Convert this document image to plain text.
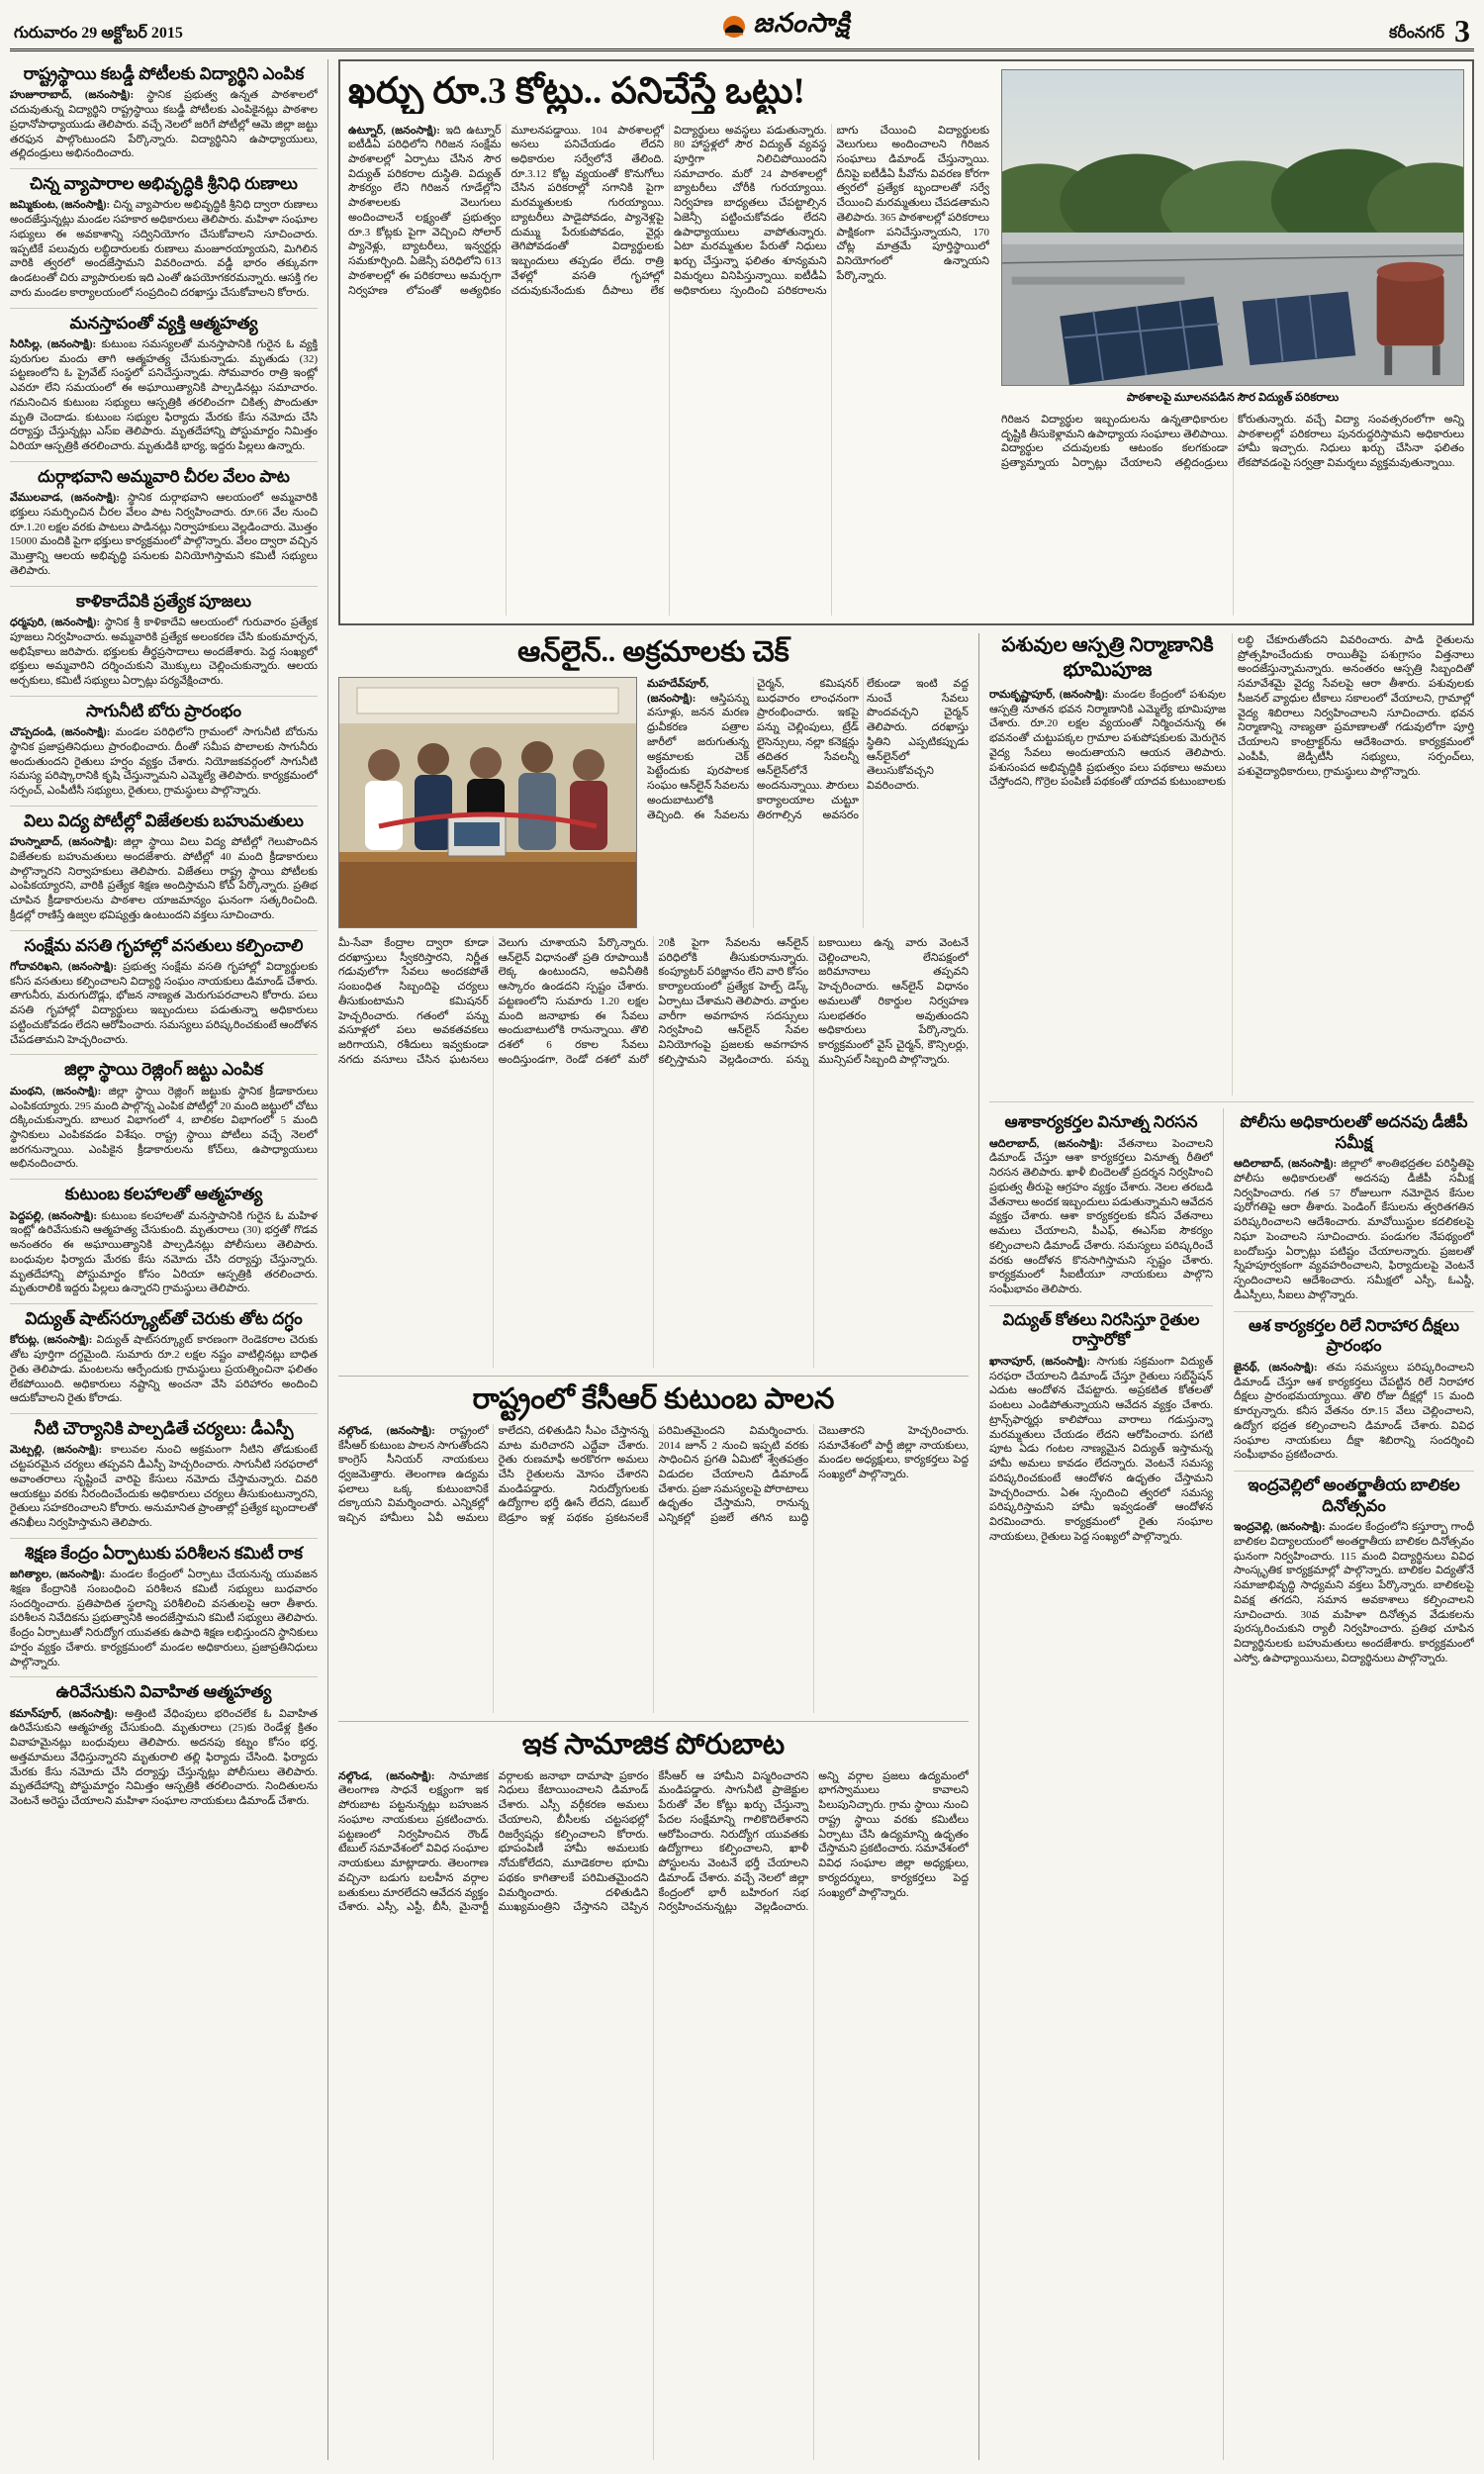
గురువారం 29 అక్టోబర్ 2015	జనంసాక్షి	కరీంనగర్ 3
రాష్ట్రస్థాయి కబడ్డీ పోటీలకు విద్యార్థిని ఎంపిక

హుజూరాబాద్, (జనంసాక్షి): స్థానిక ప్రభుత్వ ఉన్నత పాఠశాలలో చదువుతున్న విద్యార్థిని రాష్ట్రస్థాయి కబడ్డీ పోటీలకు ఎంపికైనట్లు పాఠశాల ప్రధానోపాధ్యాయుడు తెలిపారు. వచ్చే నెలలో జరిగే పోటీల్లో ఆమె జిల్లా జట్టు తరఫున పాల్గొంటుందని పేర్కొన్నారు. విద్యార్థినిని ఉపాధ్యాయులు, తల్లిదండ్రులు అభినందించారు.

చిన్న వ్యాపారాల అభివృద్ధికి శ్రీనిధి రుణాలు

జమ్మికుంట, (జనంసాక్షి): చిన్న వ్యాపారుల అభివృద్ధికి శ్రీనిధి ద్వారా రుణాలు అందజేస్తున్నట్లు మండల సహకార అధికారులు తెలిపారు. మహిళా సంఘాల సభ్యులు ఈ అవకాశాన్ని సద్వినియోగం చేసుకోవాలని సూచించారు. ఇప్పటికే పలువురు లబ్ధిదారులకు రుణాలు మంజూరయ్యాయని, మిగిలిన వారికి త్వరలో అందజేస్తామని వివరించారు. వడ్డీ భారం తక్కువగా ఉండటంతో చిరు వ్యాపారులకు ఇది ఎంతో ఉపయోగకరమన్నారు. ఆసక్తి గల వారు మండల కార్యాలయంలో సంప్రదించి దరఖాస్తు చేసుకోవాలని కోరారు.

మనస్తాపంతో వ్యక్తి ఆత్మహత్య

సిరిసిల్ల, (జనంసాక్షి): కుటుంబ సమస్యలతో మనస్తాపానికి గురైన ఓ వ్యక్తి పురుగుల మందు తాగి ఆత్మహత్య చేసుకున్నాడు. మృతుడు (32) పట్టణంలోని ఓ ప్రైవేట్ సంస్థలో పనిచేస్తున్నాడు. సోమవారం రాత్రి ఇంట్లో ఎవరూ లేని సమయంలో ఈ అఘాయిత్యానికి పాల్పడినట్లు సమాచారం. గమనించిన కుటుంబ సభ్యులు ఆస్పత్రికి తరలించగా చికిత్స పొందుతూ మృతి చెందాడు. కుటుంబ సభ్యుల ఫిర్యాదు మేరకు కేసు నమోదు చేసి దర్యాప్తు చేస్తున్నట్లు ఎస్ఐ తెలిపారు. మృతదేహాన్ని పోస్టుమార్టం నిమిత్తం ఏరియా ఆస్పత్రికి తరలించారు. మృతుడికి భార్య, ఇద్దరు పిల్లలు ఉన్నారు.

దుర్గాభవాని అమ్మవారి చీరల వేలం పాట

వేములవాడ, (జనంసాక్షి): స్థానిక దుర్గాభవాని ఆలయంలో అమ్మవారికి భక్తులు సమర్పించిన చీరల వేలం పాట నిర్వహించారు. రూ.66 వేల నుంచి రూ.1.20 లక్షల వరకు పాటలు పాడినట్లు నిర్వాహకులు వెల్లడించారు. మొత్తం 15000 మందికి పైగా భక్తులు కార్యక్రమంలో పాల్గొన్నారు. వేలం ద్వారా వచ్చిన మొత్తాన్ని ఆలయ అభివృద్ధి పనులకు వినియోగిస్తామని కమిటీ సభ్యులు తెలిపారు.

కాళికాదేవికి ప్రత్యేక పూజలు

ధర్మపురి, (జనంసాక్షి): స్థానిక శ్రీ కాళికాదేవి ఆలయంలో గురువారం ప్రత్యేక పూజలు నిర్వహించారు. అమ్మవారికి ప్రత్యేక అలంకరణ చేసి కుంకుమార్చన, అభిషేకాలు జరిపారు. భక్తులకు తీర్థప్రసాదాలు అందజేశారు. పెద్ద సంఖ్యలో భక్తులు అమ్మవారిని దర్శించుకుని మొక్కులు చెల్లించుకున్నారు. ఆలయ అర్చకులు, కమిటీ సభ్యులు ఏర్పాట్లు పర్యవేక్షించారు.

సాగునీటి బోరు ప్రారంభం

చొప్పదండి, (జనంసాక్షి): మండల పరిధిలోని గ్రామంలో సాగునీటి బోరును స్థానిక ప్రజాప్రతినిధులు ప్రారంభించారు. దీంతో సమీప పొలాలకు సాగునీరు అందుతుందని రైతులు హర్షం వ్యక్తం చేశారు. నియోజకవర్గంలో సాగునీటి సమస్య పరిష్కారానికి కృషి చేస్తున్నామని ఎమ్మెల్యే తెలిపారు. కార్యక్రమంలో సర్పంచ్, ఎంపీటీసీ సభ్యులు, రైతులు, గ్రామస్థులు పాల్గొన్నారు.

విలు విద్య పోటీల్లో విజేతలకు బహుమతులు

హుస్నాబాద్, (జనంసాక్షి): జిల్లా స్థాయి విలు విద్య పోటీల్లో గెలుపొందిన విజేతలకు బహుమతులు అందజేశారు. పోటీల్లో 40 మంది క్రీడాకారులు పాల్గొన్నారని నిర్వాహకులు తెలిపారు. విజేతలు రాష్ట్ర స్థాయి పోటీలకు ఎంపికయ్యారని, వారికి ప్రత్యేక శిక్షణ అందిస్తామని కోచ్ పేర్కొన్నారు. ప్రతిభ చూపిన క్రీడాకారులను పాఠశాల యాజమాన్యం ఘనంగా సత్కరించింది. క్రీడల్లో రాణిస్తే ఉజ్వల భవిష్యత్తు ఉంటుందని వక్తలు సూచించారు.

సంక్షేమ వసతి గృహాల్లో వసతులు కల్పించాలి

గోదావరిఖని, (జనంసాక్షి): ప్రభుత్వ సంక్షేమ వసతి గృహాల్లో విద్యార్థులకు కనీస వసతులు కల్పించాలని విద్యార్థి సంఘం నాయకులు డిమాండ్ చేశారు. తాగునీరు, మరుగుదొడ్లు, భోజన నాణ్యత మెరుగుపరచాలని కోరారు. పలు వసతి గృహాల్లో విద్యార్థులు ఇబ్బందులు పడుతున్నా అధికారులు పట్టించుకోవడం లేదని ఆరోపించారు. సమస్యలు పరిష్కరించకుంటే ఆందోళన చేపడతామని హెచ్చరించారు.

జిల్లా స్థాయి రెజ్లింగ్ జట్టు ఎంపిక

మంథని, (జనంసాక్షి): జిల్లా స్థాయి రెజ్లింగ్ జట్టుకు స్థానిక క్రీడాకారులు ఎంపికయ్యారు. 295 మంది పాల్గొన్న ఎంపిక పోటీల్లో 20 మంది జట్టులో చోటు దక్కించుకున్నారు. బాలుర విభాగంలో 4, బాలికల విభాగంలో 5 మంది స్థానికులు ఎంపికవడం విశేషం. రాష్ట్ర స్థాయి పోటీలు వచ్చే నెలలో జరగనున్నాయి. ఎంపికైన క్రీడాకారులను కోచ్‌లు, ఉపాధ్యాయులు అభినందించారు.

కుటుంబ కలహాలతో ఆత్మహత్య

పెద్దపల్లి, (జనంసాక్షి): కుటుంబ కలహాలతో మనస్తాపానికి గురైన ఓ మహిళ ఇంట్లో ఉరివేసుకుని ఆత్మహత్య చేసుకుంది. మృతురాలు (30) భర్తతో గొడవ అనంతరం ఈ అఘాయిత్యానికి పాల్పడినట్లు పోలీసులు తెలిపారు. బంధువుల ఫిర్యాదు మేరకు కేసు నమోదు చేసి దర్యాప్తు చేస్తున్నారు. మృతదేహాన్ని పోస్టుమార్టం కోసం ఏరియా ఆస్పత్రికి తరలించారు. మృతురాలికి ఇద్దరు పిల్లలు ఉన్నారని గ్రామస్థులు తెలిపారు.

విద్యుత్ షాట్‌సర్క్యూట్‌తో చెరుకు తోట దగ్ధం

కోరుట్ల, (జనంసాక్షి): విద్యుత్ షాట్‌సర్క్యూట్ కారణంగా రెండెకరాల చెరుకు తోట పూర్తిగా దగ్ధమైంది. సుమారు రూ.2 లక్షల నష్టం వాటిల్లినట్లు బాధిత రైతు తెలిపాడు. మంటలను ఆర్పేందుకు గ్రామస్థులు ప్రయత్నించినా ఫలితం లేకపోయింది. అధికారులు నష్టాన్ని అంచనా వేసి పరిహారం అందించి ఆదుకోవాలని రైతు కోరాడు.

నీటి చౌర్యానికి పాల్పడితే చర్యలు: డీఎస్పీ

మెట్పల్లి, (జనంసాక్షి): కాలువల నుంచి అక్రమంగా నీటిని తోడుకుంటే చట్టపరమైన చర్యలు తప్పవని డీఎస్పీ హెచ్చరించారు. సాగునీటి సరఫరాలో అవాంతరాలు సృష్టించే వారిపై కేసులు నమోదు చేస్తామన్నారు. చివరి ఆయకట్టు వరకు నీరందించేందుకు అధికారులు చర్యలు తీసుకుంటున్నారని, రైతులు సహకరించాలని కోరారు. అనుమానిత ప్రాంతాల్లో ప్రత్యేక బృందాలతో తనిఖీలు నిర్వహిస్తామని తెలిపారు.

శిక్షణ కేంద్రం ఏర్పాటుకు పరిశీలన కమిటీ రాక

జగిత్యాల, (జనంసాక్షి): మండల కేంద్రంలో ఏర్పాటు చేయనున్న యువజన శిక్షణ కేంద్రానికి సంబంధించి పరిశీలన కమిటీ సభ్యులు బుధవారం సందర్శించారు. ప్రతిపాదిత స్థలాన్ని పరిశీలించి వసతులపై ఆరా తీశారు. పరిశీలన నివేదికను ప్రభుత్వానికి అందజేస్తామని కమిటీ సభ్యులు తెలిపారు. కేంద్రం ఏర్పాటుతో నిరుద్యోగ యువతకు ఉపాధి శిక్షణ లభిస్తుందని స్థానికులు హర్షం వ్యక్తం చేశారు. కార్యక్రమంలో మండల అధికారులు, ప్రజాప్రతినిధులు పాల్గొన్నారు.

ఉరివేసుకుని వివాహిత ఆత్మహత్య

కమాన్‌పూర్, (జనంసాక్షి): అత్తింటి వేధింపులు భరించలేక ఓ వివాహిత ఉరివేసుకుని ఆత్మహత్య చేసుకుంది. మృతురాలు (25)కు రెండేళ్ల క్రితం వివాహమైనట్లు బంధువులు తెలిపారు. అదనపు కట్నం కోసం భర్త, అత్తమామలు వేధిస్తున్నారని మృతురాలి తల్లి ఫిర్యాదు చేసింది. ఫిర్యాదు మేరకు కేసు నమోదు చేసి దర్యాప్తు చేస్తున్నట్లు పోలీసులు తెలిపారు. మృతదేహాన్ని పోస్టుమార్టం నిమిత్తం ఆస్పత్రికి తరలించారు. నిందితులను వెంటనే అరెస్టు చేయాలని మహిళా సంఘాల నాయకులు డిమాండ్ చేశారు.

ఖర్చు రూ.3 కోట్లు.. పనిచేస్తే ఒట్టు!
ఉట్నూర్, (జనంసాక్షి): ఇది ఉట్నూర్ ఐటీడీఏ పరిధిలోని గిరిజన సంక్షేమ పాఠశాలల్లో ఏర్పాటు చేసిన సౌర విద్యుత్ పరికరాల దుస్థితి. విద్యుత్ సౌకర్యం లేని గిరిజన గూడేల్లోని పాఠశాలలకు వెలుగులు అందించాలనే లక్ష్యంతో ప్రభుత్వం రూ.3 కోట్లకు పైగా వెచ్చించి సోలార్ ప్యానెళ్లు, బ్యాటరీలు, ఇన్వర్టర్లు సమకూర్చింది. ఏజెన్సీ పరిధిలోని 613 పాఠశాలల్లో ఈ పరికరాలు అమర్చగా నిర్వహణ లోపంతో అత్యధికం మూలనపడ్డాయి. 104 పాఠశాలల్లో అసలు పనిచేయడం లేదని అధికారుల సర్వేలోనే తేలింది. రూ.3.12 కోట్ల వ్యయంతో కొనుగోలు చేసిన పరికరాల్లో సగానికి పైగా మరమ్మతులకు గురయ్యాయి. బ్యాటరీలు పాడైపోవడం, ప్యానెళ్లపై దుమ్ము పేరుకుపోవడం, వైర్లు తెగిపోవడంతో విద్యార్థులకు ఇబ్బందులు తప్పడం లేదు. రాత్రి వేళల్లో వసతి గృహాల్లో చదువుకునేందుకు దీపాలు లేక విద్యార్థులు అవస్థలు పడుతున్నారు. 80 హాస్టళ్లలో సౌర విద్యుత్ వ్యవస్థ పూర్తిగా నిలిచిపోయిందని సమాచారం. మరో 24 పాఠశాలల్లో బ్యాటరీలు చోరీకి గురయ్యాయి. నిర్వహణ బాధ్యతలు చేపట్టాల్సిన ఏజెన్సీ పట్టించుకోవడం లేదని ఉపాధ్యాయులు వాపోతున్నారు. ఏటా మరమ్మతుల పేరుతో నిధులు ఖర్చు చేస్తున్నా ఫలితం శూన్యమని విమర్శలు వినిపిస్తున్నాయి. ఐటీడీఏ అధికారులు స్పందించి పరికరాలను బాగు చేయించి విద్యార్థులకు వెలుగులు అందించాలని గిరిజన సంఘాలు డిమాండ్ చేస్తున్నాయి. దీనిపై ఐటీడీఏ పీవోను వివరణ కోరగా త్వరలో ప్రత్యేక బృందాలతో సర్వే చేయించి మరమ్మతులు చేపడతామని తెలిపారు. 365 పాఠశాలల్లో పరికరాలు పాక్షికంగా పనిచేస్తున్నాయని, 170 చోట్ల మాత్రమే పూర్తిస్థాయిలో వినియోగంలో ఉన్నాయని పేర్కొన్నారు.
పాఠశాలపై మూలనపడిన సౌర విద్యుత్ పరికరాలు
గిరిజన విద్యార్థుల ఇబ్బందులను ఉన్నతాధికారుల దృష్టికి తీసుకెళ్లామని ఉపాధ్యాయ సంఘాలు తెలిపాయి. విద్యార్థుల చదువులకు ఆటంకం కలగకుండా ప్రత్యామ్నాయ ఏర్పాట్లు చేయాలని తల్లిదండ్రులు కోరుతున్నారు. వచ్చే విద్యా సంవత్సరంలోగా అన్ని పాఠశాలల్లో పరికరాలు పునరుద్ధరిస్తామని అధికారులు హామీ ఇచ్చారు. నిధులు ఖర్చు చేసినా ఫలితం లేకపోవడంపై సర్వత్రా విమర్శలు వ్యక్తమవుతున్నాయి.
ఆన్‌లైన్.. అక్రమాలకు చెక్
మహదేవ్‌పూర్, (జనంసాక్షి): ఆస్తిపన్ను వసూళ్లు, జనన మరణ ధ్రువీకరణ పత్రాల జారీలో జరుగుతున్న అక్రమాలకు చెక్ పెట్టేందుకు పురపాలక సంఘం ఆన్‌లైన్ సేవలను అందుబాటులోకి తెచ్చింది. ఈ సేవలను చైర్మన్, కమిషనర్ బుధవారం లాంఛనంగా ప్రారంభించారు. ఇకపై పన్ను చెల్లింపులు, ట్రేడ్ లైసెన్సులు, నల్లా కనెక్షన్లు తదితర సేవలన్నీ ఆన్‌లైన్‌లోనే అందనున్నాయి. పౌరులు కార్యాలయాల చుట్టూ తిరగాల్సిన అవసరం లేకుండా ఇంటి వద్ద నుంచే సేవలు పొందవచ్చని చైర్మన్ తెలిపారు. దరఖాస్తు స్థితిని ఎప్పటికప్పుడు ఆన్‌లైన్‌లో తెలుసుకోవచ్చని వివరించారు.
మీ-సేవా కేంద్రాల ద్వారా కూడా దరఖాస్తులు స్వీకరిస్తారని, నిర్ణీత గడువులోగా సేవలు అందకపోతే సంబంధిత సిబ్బందిపై చర్యలు తీసుకుంటామని కమిషనర్ హెచ్చరించారు. గతంలో పన్ను వసూళ్లలో పలు అవకతవకలు జరిగాయని, రశీదులు ఇవ్వకుండా నగదు వసూలు చేసిన ఘటనలు వెలుగు చూశాయని పేర్కొన్నారు. ఆన్‌లైన్ విధానంతో ప్రతి రూపాయికీ లెక్క ఉంటుందని, అవినీతికి ఆస్కారం ఉండదని స్పష్టం చేశారు. పట్టణంలోని సుమారు 1.20 లక్షల మంది జనాభాకు ఈ సేవలు అందుబాటులోకి రానున్నాయి. తొలి దశలో 6 రకాల సేవలు అందిస్తుండగా, రెండో దశలో మరో 20కి పైగా సేవలను ఆన్‌లైన్ పరిధిలోకి తీసుకురానున్నారు. కంప్యూటర్ పరిజ్ఞానం లేని వారి కోసం కార్యాలయంలో ప్రత్యేక హెల్ప్ డెస్క్ ఏర్పాటు చేశామని తెలిపారు. వార్డుల వారీగా అవగాహన సదస్సులు నిర్వహించి ఆన్‌లైన్ సేవల వినియోగంపై ప్రజలకు అవగాహన కల్పిస్తామని వెల్లడించారు. పన్ను బకాయిలు ఉన్న వారు వెంటనే చెల్లించాలని, లేనిపక్షంలో జరిమానాలు తప్పవని హెచ్చరించారు. ఆన్‌లైన్ విధానం అమలుతో రికార్డుల నిర్వహణ సులభతరం అవుతుందని అధికారులు పేర్కొన్నారు. కార్యక్రమంలో వైస్ చైర్మన్, కౌన్సిలర్లు, మున్సిపల్ సిబ్బంది పాల్గొన్నారు.
రాష్ట్రంలో కేసీఆర్ కుటుంబ పాలన
నల్గొండ, (జనంసాక్షి): రాష్ట్రంలో కేసీఆర్ కుటుంబ పాలన సాగుతోందని కాంగ్రెస్ సీనియర్ నాయకులు ధ్వజమెత్తారు. తెలంగాణ ఉద్యమ ఫలాలు ఒక్క కుటుంబానికే దక్కాయని విమర్శించారు. ఎన్నికల్లో ఇచ్చిన హామీలు ఏవీ అమలు కాలేదని, దళితుడిని సీఎం చేస్తానన్న మాట మరిచారని ఎద్దేవా చేశారు. రైతు రుణమాఫీ అరకొరగా అమలు చేసి రైతులను మోసం చేశారని మండిపడ్డారు. నిరుద్యోగులకు ఉద్యోగాల భర్తీ ఊసే లేదని, డబుల్ బెడ్రూం ఇళ్ల పథకం ప్రకటనలకే పరిమితమైందని విమర్శించారు. 2014 జూన్ 2 నుంచి ఇప్పటి వరకు సాధించిన ప్రగతి ఏమిటో శ్వేతపత్రం విడుదల చేయాలని డిమాండ్ చేశారు. ప్రజా సమస్యలపై పోరాటాలు ఉధృతం చేస్తామని, రానున్న ఎన్నికల్లో ప్రజలే తగిన బుద్ధి చెబుతారని హెచ్చరించారు. సమావేశంలో పార్టీ జిల్లా నాయకులు, మండల అధ్యక్షులు, కార్యకర్తలు పెద్ద సంఖ్యలో పాల్గొన్నారు.
ఇక సామాజిక పోరుబాట
నల్గొండ, (జనంసాక్షి): సామాజిక తెలంగాణ సాధనే లక్ష్యంగా ఇక పోరుబాట పట్టనున్నట్లు బహుజన సంఘాల నాయకులు ప్రకటించారు. పట్టణంలో నిర్వహించిన రౌండ్ టేబుల్ సమావేశంలో వివిధ సంఘాల నాయకులు మాట్లాడారు. తెలంగాణ వచ్చినా బడుగు బలహీన వర్గాల బతుకులు మారలేదని ఆవేదన వ్యక్తం చేశారు. ఎస్సీ, ఎస్టీ, బీసీ, మైనార్టీ వర్గాలకు జనాభా దామాషా ప్రకారం నిధులు కేటాయించాలని డిమాండ్ చేశారు. ఎస్సీ వర్గీకరణ అమలు చేయాలని, బీసీలకు చట్టసభల్లో రిజర్వేషన్లు కల్పించాలని కోరారు. భూపంపిణీ హామీ అమలుకు నోచుకోలేదని, మూడెకరాల భూమి పథకం కాగితాలకే పరిమితమైందని విమర్శించారు. దళితుడిని ముఖ్యమంత్రిని చేస్తానని చెప్పిన కేసీఆర్ ఆ హామీని విస్మరించారని మండిపడ్డారు. సాగునీటి ప్రాజెక్టుల పేరుతో వేల కోట్లు ఖర్చు చేస్తున్నా పేదల సంక్షేమాన్ని గాలికొదిలేశారని ఆరోపించారు. నిరుద్యోగ యువతకు ఉద్యోగాలు కల్పించాలని, ఖాళీ పోస్టులను వెంటనే భర్తీ చేయాలని డిమాండ్ చేశారు. వచ్చే నెలలో జిల్లా కేంద్రంలో భారీ బహిరంగ సభ నిర్వహించనున్నట్లు వెల్లడించారు. అన్ని వర్గాల ప్రజలు ఉద్యమంలో భాగస్వాములు కావాలని పిలుపునిచ్చారు. గ్రామ స్థాయి నుంచి రాష్ట్ర స్థాయి వరకు కమిటీలు ఏర్పాటు చేసి ఉద్యమాన్ని ఉధృతం చేస్తామని ప్రకటించారు. సమావేశంలో వివిధ సంఘాల జిల్లా అధ్యక్షులు, కార్యదర్శులు, కార్యకర్తలు పెద్ద సంఖ్యలో పాల్గొన్నారు.
పశువుల ఆస్పత్రి నిర్మాణానికి భూమిపూజ
రామకృష్ణాపూర్, (జనంసాక్షి): మండల కేంద్రంలో పశువుల ఆస్పత్రి నూతన భవన నిర్మాణానికి ఎమ్మెల్యే భూమిపూజ చేశారు. రూ.20 లక్షల వ్యయంతో నిర్మించనున్న ఈ భవనంతో చుట్టుపక్కల గ్రామాల పశుపోషకులకు మెరుగైన వైద్య సేవలు అందుతాయని ఆయన తెలిపారు. పశుసంపద అభివృద్ధికి ప్రభుత్వం పలు పథకాలు అమలు చేస్తోందని, గొర్రెల పంపిణీ పథకంతో యాదవ కుటుంబాలకు లబ్ధి చేకూరుతోందని వివరించారు. పాడి రైతులను ప్రోత్సహించేందుకు రాయితీపై పశుగ్రాసం విత్తనాలు అందజేస్తున్నామన్నారు. అనంతరం ఆస్పత్రి సిబ్బందితో సమావేశమై వైద్య సేవలపై ఆరా తీశారు. పశువులకు సీజనల్ వ్యాధుల టీకాలు సకాలంలో వేయాలని, గ్రామాల్లో వైద్య శిబిరాలు నిర్వహించాలని సూచించారు. భవన నిర్మాణాన్ని నాణ్యతా ప్రమాణాలతో గడువులోగా పూర్తి చేయాలని కాంట్రాక్టర్‌ను ఆదేశించారు. కార్యక్రమంలో ఎంపీపీ, జెడ్పీటీసీ సభ్యులు, సర్పంచ్‌లు, పశువైద్యాధికారులు, గ్రామస్థులు పాల్గొన్నారు.
ఆశాకార్యకర్తల వినూత్న నిరసన

ఆదిలాబాద్, (జనంసాక్షి): వేతనాలు పెంచాలని డిమాండ్ చేస్తూ ఆశా కార్యకర్తలు వినూత్న రీతిలో నిరసన తెలిపారు. ఖాళీ బిందెలతో ప్రదర్శన నిర్వహించి ప్రభుత్వ తీరుపై ఆగ్రహం వ్యక్తం చేశారు. నెలల తరబడి వేతనాలు అందక ఇబ్బందులు పడుతున్నామని ఆవేదన వ్యక్తం చేశారు. ఆశా కార్యకర్తలకు కనీస వేతనాలు అమలు చేయాలని, పీఎఫ్, ఈఎస్ఐ సౌకర్యం కల్పించాలని డిమాండ్ చేశారు. సమస్యలు పరిష్కరించే వరకు ఆందోళన కొనసాగిస్తామని స్పష్టం చేశారు. కార్యక్రమంలో సీఐటీయూ నాయకులు పాల్గొని సంఘీభావం తెలిపారు.

విద్యుత్ కోతలు నిరసిస్తూ రైతుల రాస్తారోకో

ఖానాపూర్, (జనంసాక్షి): సాగుకు సక్రమంగా విద్యుత్ సరఫరా చేయాలని డిమాండ్ చేస్తూ రైతులు సబ్‌స్టేషన్ ఎదుట ఆందోళన చేపట్టారు. అప్రకటిత కోతలతో పంటలు ఎండిపోతున్నాయని ఆవేదన వ్యక్తం చేశారు. ట్రాన్స్‌ఫార్మర్లు కాలిపోయి వారాలు గడుస్తున్నా మరమ్మతులు చేయడం లేదని ఆరోపించారు. పగటి పూట ఏడు గంటల నాణ్యమైన విద్యుత్ ఇస్తామన్న హామీ అమలు కావడం లేదన్నారు. వెంటనే సమస్య పరిష్కరించకుంటే ఆందోళన ఉధృతం చేస్తామని హెచ్చరించారు. ఏఈ స్పందించి త్వరలో సమస్య పరిష్కరిస్తామని హామీ ఇవ్వడంతో ఆందోళన విరమించారు. కార్యక్రమంలో రైతు సంఘాల నాయకులు, రైతులు పెద్ద సంఖ్యలో పాల్గొన్నారు.

పోలీసు అధికారులతో అదనపు డీజీపీ సమీక్ష

ఆదిలాబాద్, (జనంసాక్షి): జిల్లాలో శాంతిభద్రతల పరిస్థితిపై పోలీసు అధికారులతో అదనపు డీజీపీ సమీక్ష నిర్వహించారు. గత 57 రోజులుగా నమోదైన కేసుల పురోగతిపై ఆరా తీశారు. పెండింగ్ కేసులను త్వరితగతిన పరిష్కరించాలని ఆదేశించారు. మావోయిస్టుల కదలికలపై నిఘా పెంచాలని సూచించారు. పండుగల నేపథ్యంలో బందోబస్తు ఏర్పాట్లు పటిష్టం చేయాలన్నారు. ప్రజలతో స్నేహపూర్వకంగా వ్యవహరించాలని, ఫిర్యాదులపై వెంటనే స్పందించాలని ఆదేశించారు. సమీక్షలో ఎస్పీ, ఓఎస్డీ, డీఎస్పీలు, సీఐలు పాల్గొన్నారు.

ఆశ కార్యకర్తల రిలే నిరాహార దీక్షలు ప్రారంభం

జైనథ్, (జనంసాక్షి): తమ సమస్యలు పరిష్కరించాలని డిమాండ్ చేస్తూ ఆశ కార్యకర్తలు చేపట్టిన రిలే నిరాహార దీక్షలు ప్రారంభమయ్యాయి. తొలి రోజు దీక్షల్లో 15 మంది కూర్చున్నారు. కనీస వేతనం రూ.15 వేలు చెల్లించాలని, ఉద్యోగ భద్రత కల్పించాలని డిమాండ్ చేశారు. వివిధ సంఘాల నాయకులు దీక్షా శిబిరాన్ని సందర్శించి సంఘీభావం ప్రకటించారు.

ఇంద్రవెల్లిలో అంతర్జాతీయ బాలికల దినోత్సవం

ఇంద్రవెల్లి, (జనంసాక్షి): మండల కేంద్రంలోని కస్తూర్బా గాంధీ బాలికల విద్యాలయంలో అంతర్జాతీయ బాలికల దినోత్సవం ఘనంగా నిర్వహించారు. 115 మంది విద్యార్థినులు వివిధ సాంస్కృతిక కార్యక్రమాల్లో పాల్గొన్నారు. బాలికల విద్యతోనే సమాజాభివృద్ధి సాధ్యమని వక్తలు పేర్కొన్నారు. బాలికలపై వివక్ష తగదని, సమాన అవకాశాలు కల్పించాలని సూచించారు. 30వ మహిళా దినోత్సవ వేడుకలను పురస్కరించుకుని ర్యాలీ నిర్వహించారు. ప్రతిభ చూపిన విద్యార్థినులకు బహుమతులు అందజేశారు. కార్యక్రమంలో ఎస్వో, ఉపాధ్యాయినులు, విద్యార్థినులు పాల్గొన్నారు.
